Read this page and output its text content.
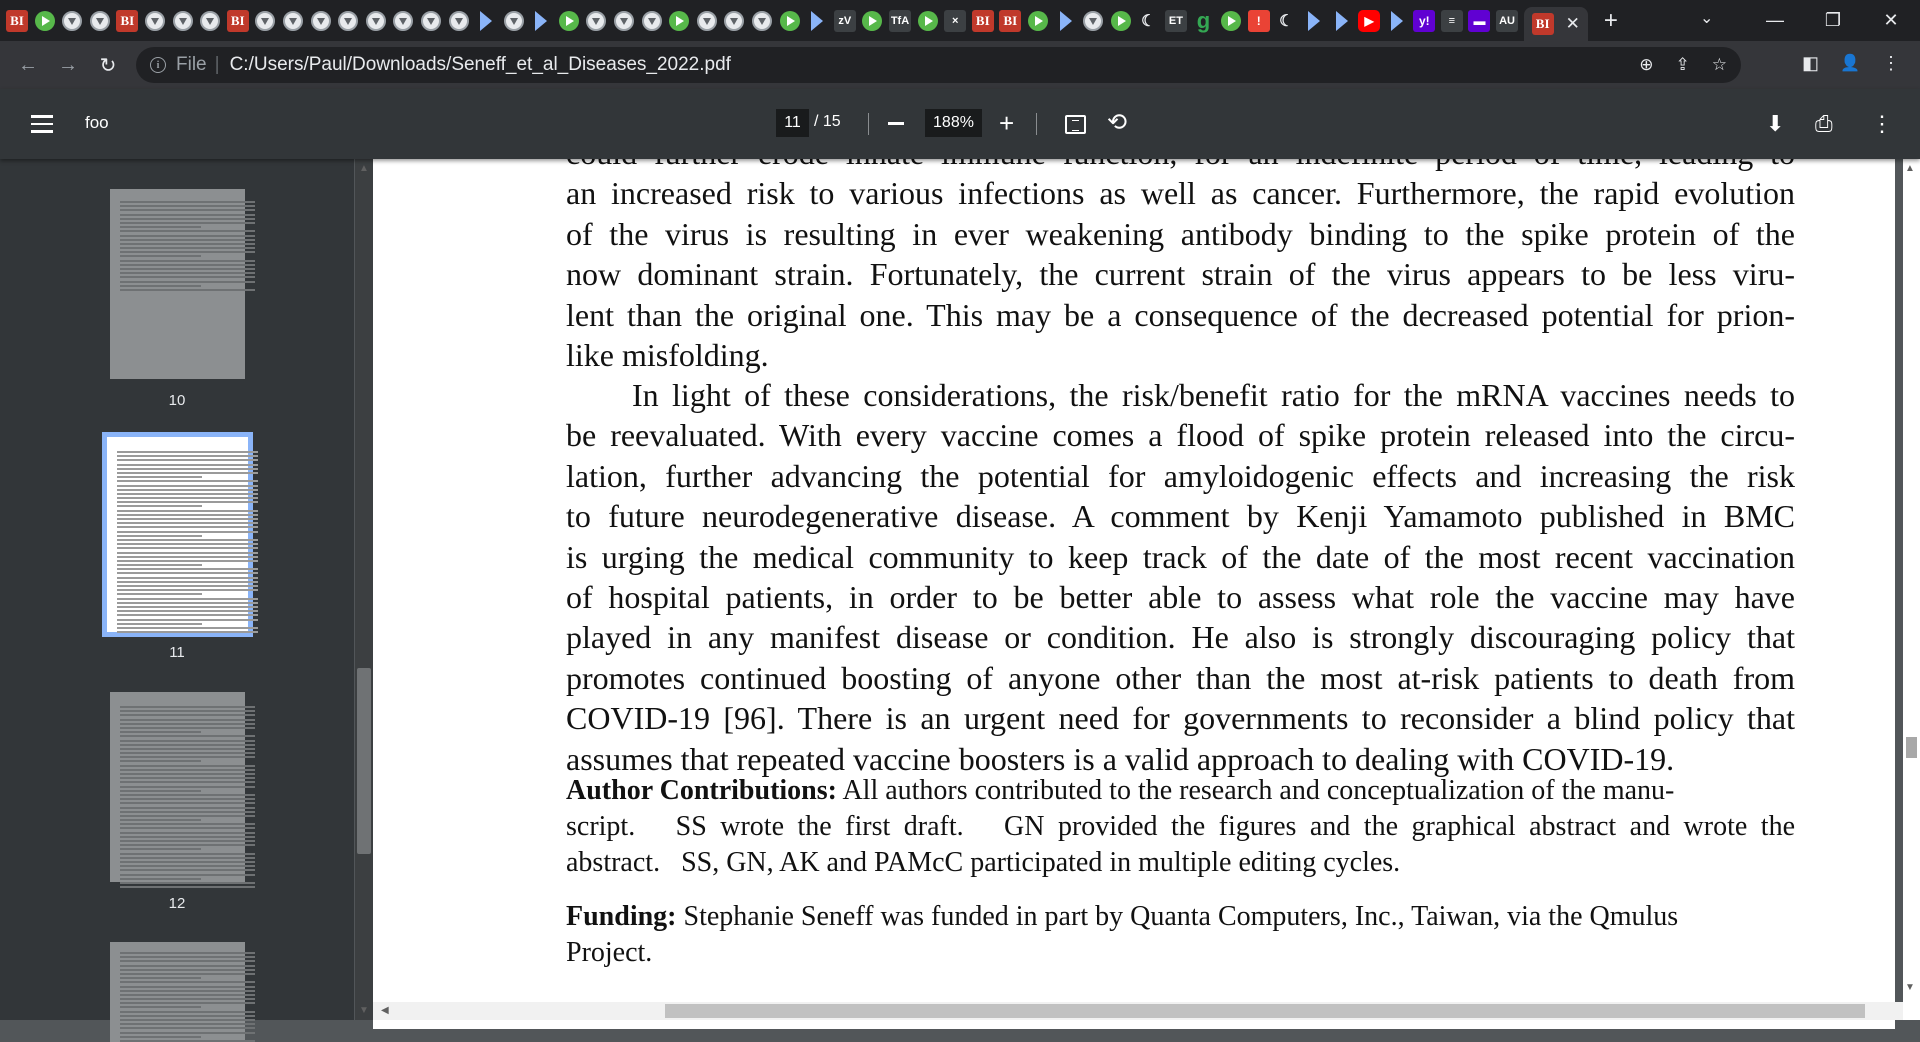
BI	BI	BI	zV	TfA	×	BI	BI	☾	ET g	!	☾	▶	y!	≡	▬	AU	BI ✕ +	⌄	—	❐	✕
← → ↻	i File | C:/Users/Paul/Downloads/Seneff_et_al_Diseases_2022.pdf	⊕ ⇪ ☆	◧ 👤 ⋮
foo	11 / 15	188% +	⟲	⬇ ⎙ ⋮
10
11
12
▲
▼
an increased risk to various infections as well as cancer. Furthermore, the rapid evolution
of the virus is resulting in ever weakening antibody binding to the spike protein of the
now dominant strain. Fortunately, the current strain of the virus appears to be less viru-
lent than the original one. This may be a consequence of the decreased potential for prion-
like misfolding.
In light of these considerations, the risk/benefit ratio for the mRNA vaccines needs to
be reevaluated. With every vaccine comes a flood of spike protein released into the circu-
lation, further advancing the potential for amyloidogenic effects and increasing the risk
to future neurodegenerative disease. A comment by Kenji Yamamoto published in BMC
is urging the medical community to keep track of the date of the most recent vaccination
of hospital patients, in order to be better able to assess what role the vaccine may have
played in any manifest disease or condition. He also is strongly discouraging policy that
promotes continued boosting of anyone other than the most at-risk patients to death from
COVID-19 [96]. There is an urgent need for governments to reconsider a blind policy that
assumes that repeated vaccine boosters is a valid approach to dealing with COVID-19.
Author Contributions: All authors contributed to the research and conceptualization of the manu-
script.   SS wrote the first draft.   GN provided the figures and the graphical abstract and wrote the
abstract.   SS, GN, AK and PAMcC participated in multiple editing cycles.
Funding: Stephanie Seneff was funded in part by Quanta Computers, Inc., Taiwan, via the Qmulus
Project.
▲
▼
◀
